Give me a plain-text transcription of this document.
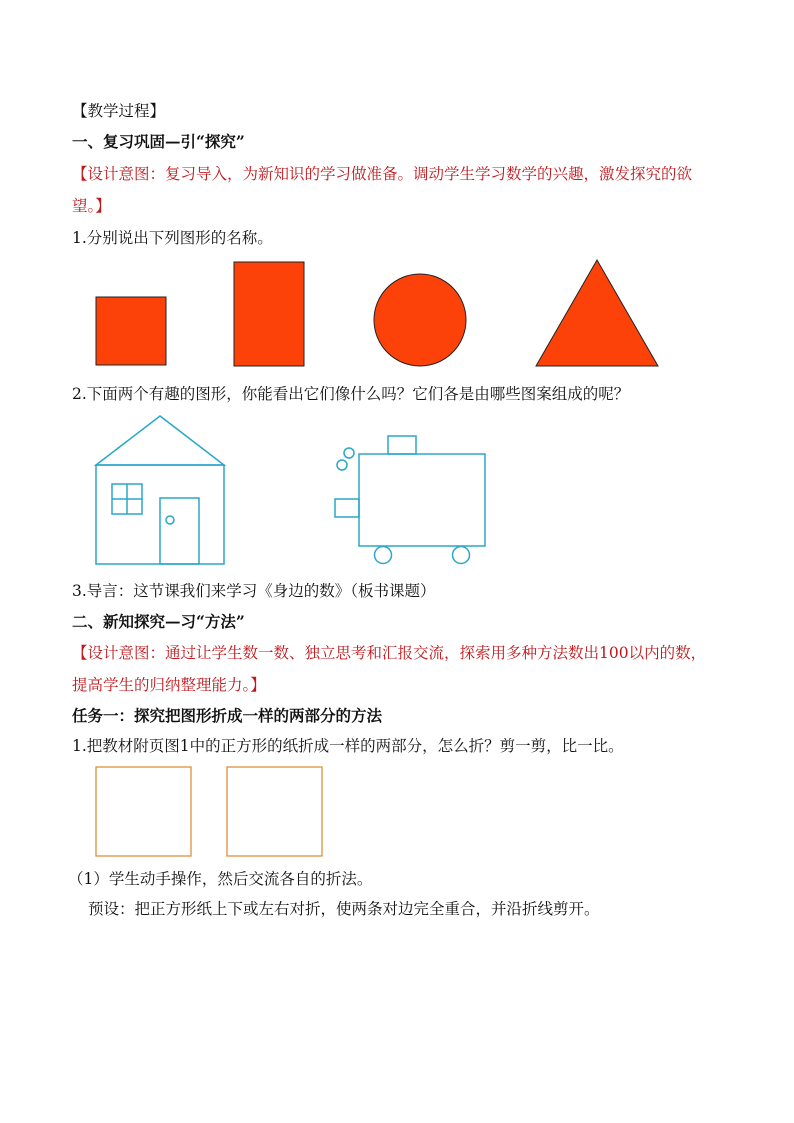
【教学过程】
一、复习巩固—引“探究”
【设计意图：复习导入，为新知识的学习做准备。调动学生学习数学的兴趣，激发探究的欲
望。】
1.分别说出下列图形的名称。
2.下面两个有趣的图形，你能看出它们像什么吗？它们各是由哪些图案组成的呢？
3.导言：这节课我们来学习《身边的数》（板书课题）
二、新知探究—习“方法”
【设计意图：通过让学生数一数、独立思考和汇报交流，探索用多种方法数出100以内的数，
提高学生的归纳整理能力。】
任务一：探究把图形折成一样的两部分的方法
1.把教材附页图1中的正方形的纸折成一样的两部分，怎么折？剪一剪，比一比。
（1）学生动手操作，然后交流各自的折法。
预设：把正方形纸上下或左右对折，使两条对边完全重合，并沿折线剪开。
